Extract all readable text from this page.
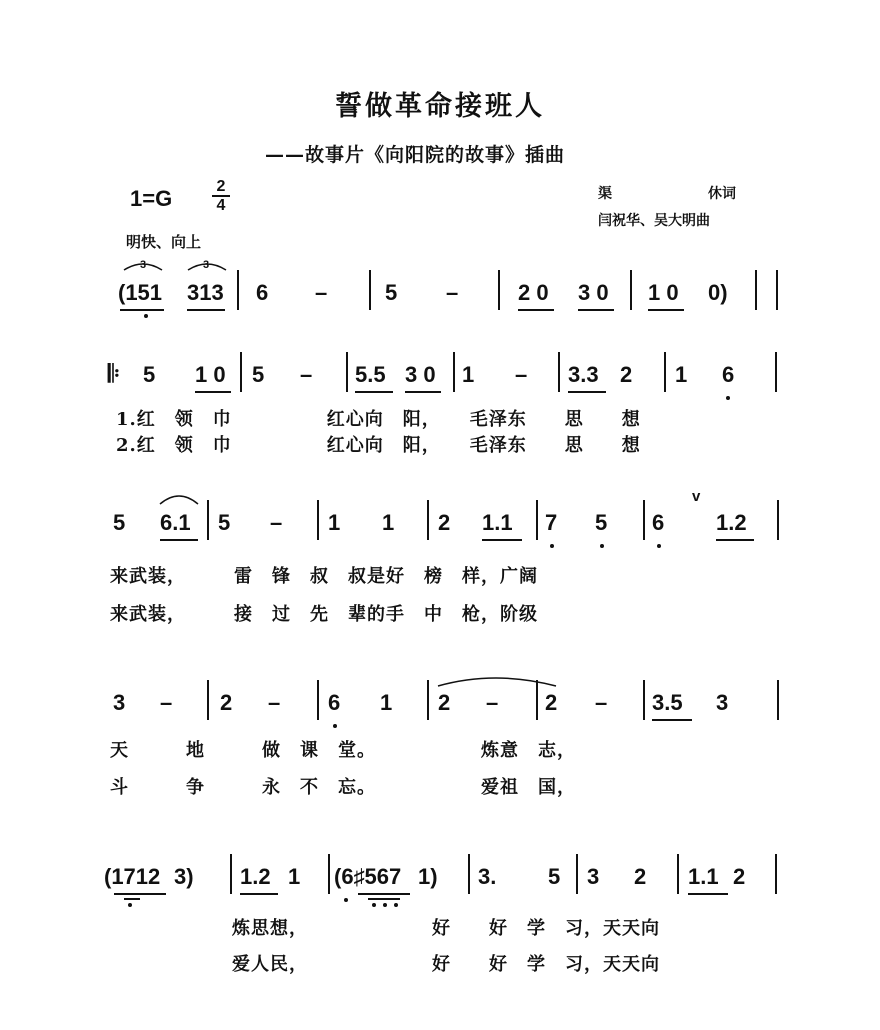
誓做革命接班人
——故事片《向阳院的故事》插曲
1=G	2
4
明快、向上
渠	休词
闫祝华、吴大明曲
(151 313 6 –	5 –	2 0 3 0 1 0 0)
𝄆 5 1 0 5 – 5.5 3 0 1 – 3.3 2 1 6
1.红　领　巾　　　　　红心向　阳，　　毛泽东　　思　　想
2.红　领　巾　　　　　红心向　阳，　　毛泽东　　思　　想
5 6.1 5 – 1 1 2 1.1 7 5 6 1.2
v
来武装，　　　雷　锋　叔　叔是好　榜　样，广阔
来武装，　　　接　过　先　辈的手　中　枪，阶级
3 – 2 – 6 1 2 – 2 – 3.5 3
天　　　地　　　做　课　堂。　　　　　　炼意　志，
斗　　　争　　　永　不　忘。　　　　　　爱祖　国，
(1712 3) 1.2 1 (6♯567 1) 3. 5 3 2 1.1 2
炼思想，　　　　　　　好　　好　学　习，天天向
爱人民，　　　　　　　好　　好　学　习，天天向
3	3
